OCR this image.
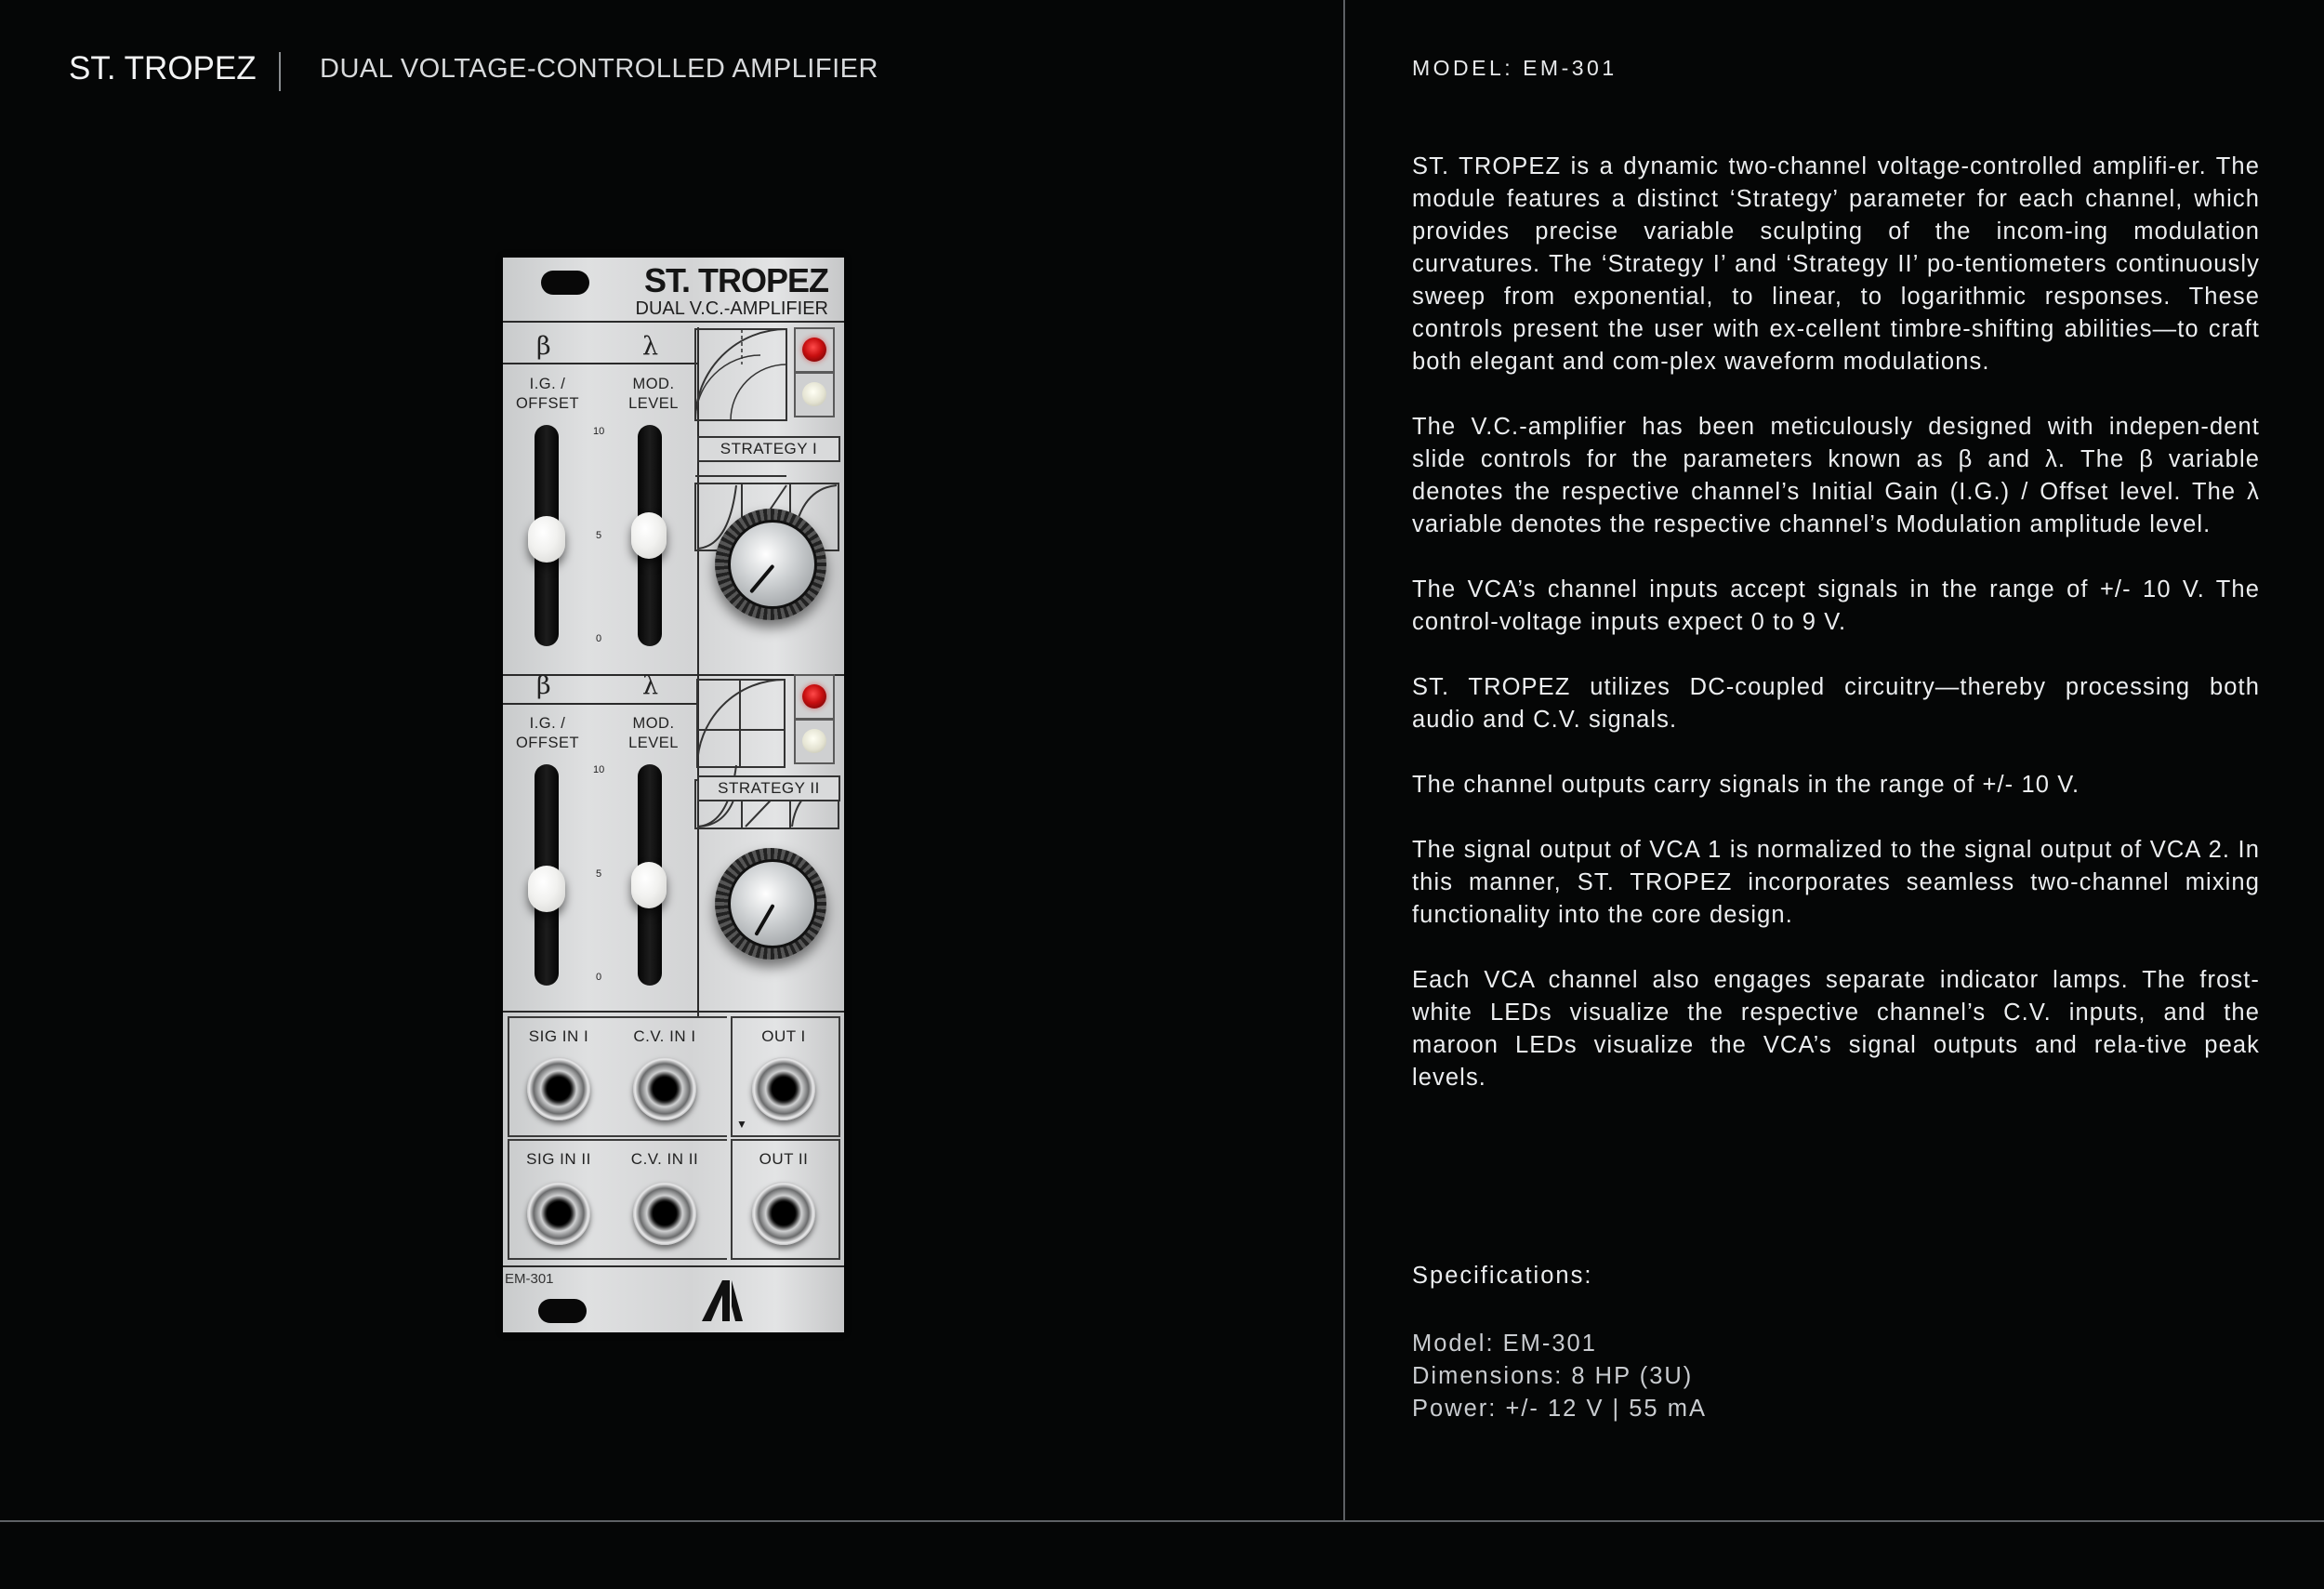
ST. TROPEZ DUAL VOLTAGE-CONTROLLED AMPLIFIER	MODEL: EM-301

ST. TROPEZ is a dynamic two-channel voltage-controlled amplifi-er. The module features a distinct ‘Strategy’ parameter for each channel, which provides precise variable sculpting of the incom-ing modulation curvatures. The ‘Strategy I’ and ‘Strategy II’ po-tentiometers continuously sweep from exponential, to linear, to logarithmic responses. These controls present the user with ex-cellent timbre-shifting abilities—to craft both elegant and com-plex waveform modulations.

The V.C.-amplifier has been meticulously designed with indepen-dent slide controls for the parameters known as β and λ. The β variable denotes the respective channel’s Initial Gain (I.G.) / Offset level. The λ variable denotes the respective channel’s Modulation amplitude level.

The VCA’s channel inputs accept signals in the range of +/- 10 V. The control-voltage inputs expect 0 to 9 V.

ST. TROPEZ utilizes DC-coupled circuitry—thereby processing both audio and C.V. signals.

The channel outputs carry signals in the range of +/- 10 V.

The signal output of VCA 1 is normalized to the signal output of VCA 2. In this manner, ST. TROPEZ incorporates seamless two-channel mixing functionality into the core design.

Each VCA channel also engages separate indicator lamps. The frost-white LEDs visualize the respective channel’s C.V. inputs, and the maroon LEDs visualize the VCA’s signal outputs and rela-tive peak levels.

Specifications:
Model: EM-301
Dimensions: 8 HP (3U)
Power: +/- 12 V | 55 mA
ST. TROPEZ
DUAL V.C.-AMPLIFIER
β	λ
I.G. /
OFFSET
MOD.
LEVEL
10
5
0
STRATEGY I
β	λ
I.G. /
OFFSET
MOD.
LEVEL
10
5
0
STRATEGY II
SIG IN I	C.V. IN I	OUT I
▼
SIG IN II	C.V. IN II	OUT II
EM-301
